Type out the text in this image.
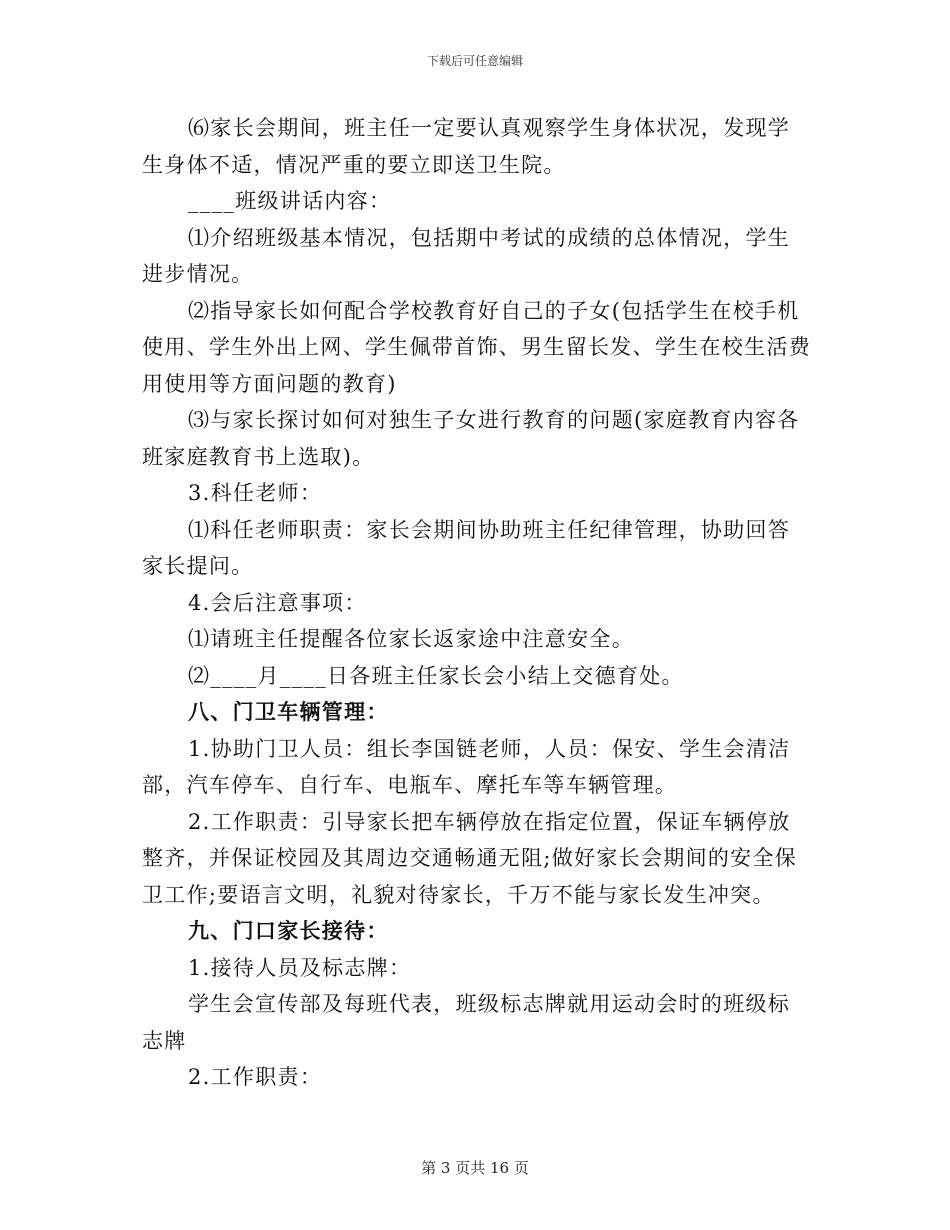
下载后可任意编辑

⑹家长会期间，班主任一定要认真观察学生身体状况，发现学生身体不适，情况严重的要立即送卫生院。

____班级讲话内容：

⑴介绍班级基本情况，包括期中考试的成绩的总体情况，学生进步情况。

⑵指导家长如何配合学校教育好自己的子女(包括学生在校手机使用、学生外出上网、学生佩带首饰、男生留长发、学生在校生活费用使用等方面问题的教育)

⑶与家长探讨如何对独生子女进行教育的问题(家庭教育内容各班家庭教育书上选取)。

3.科任老师：

⑴科任老师职责：家长会期间协助班主任纪律管理，协助回答家长提问。

4.会后注意事项：

⑴请班主任提醒各位家长返家途中注意安全。

⑵____月____日各班主任家长会小结上交德育处。

八、门卫车辆管理：

1.协助门卫人员：组长李国链老师，人员：保安、学生会清洁部，汽车停车、自行车、电瓶车、摩托车等车辆管理。

2.工作职责：引导家长把车辆停放在指定位置，保证车辆停放整齐，并保证校园及其周边交通畅通无阻;做好家长会期间的安全保卫工作;要语言文明，礼貌对待家长，千万不能与家长发生冲突。

九、门口家长接待：

1.接待人员及标志牌：

学生会宣传部及每班代表，班级标志牌就用运动会时的班级标志牌

2.工作职责：

第 3 页共 16 页
